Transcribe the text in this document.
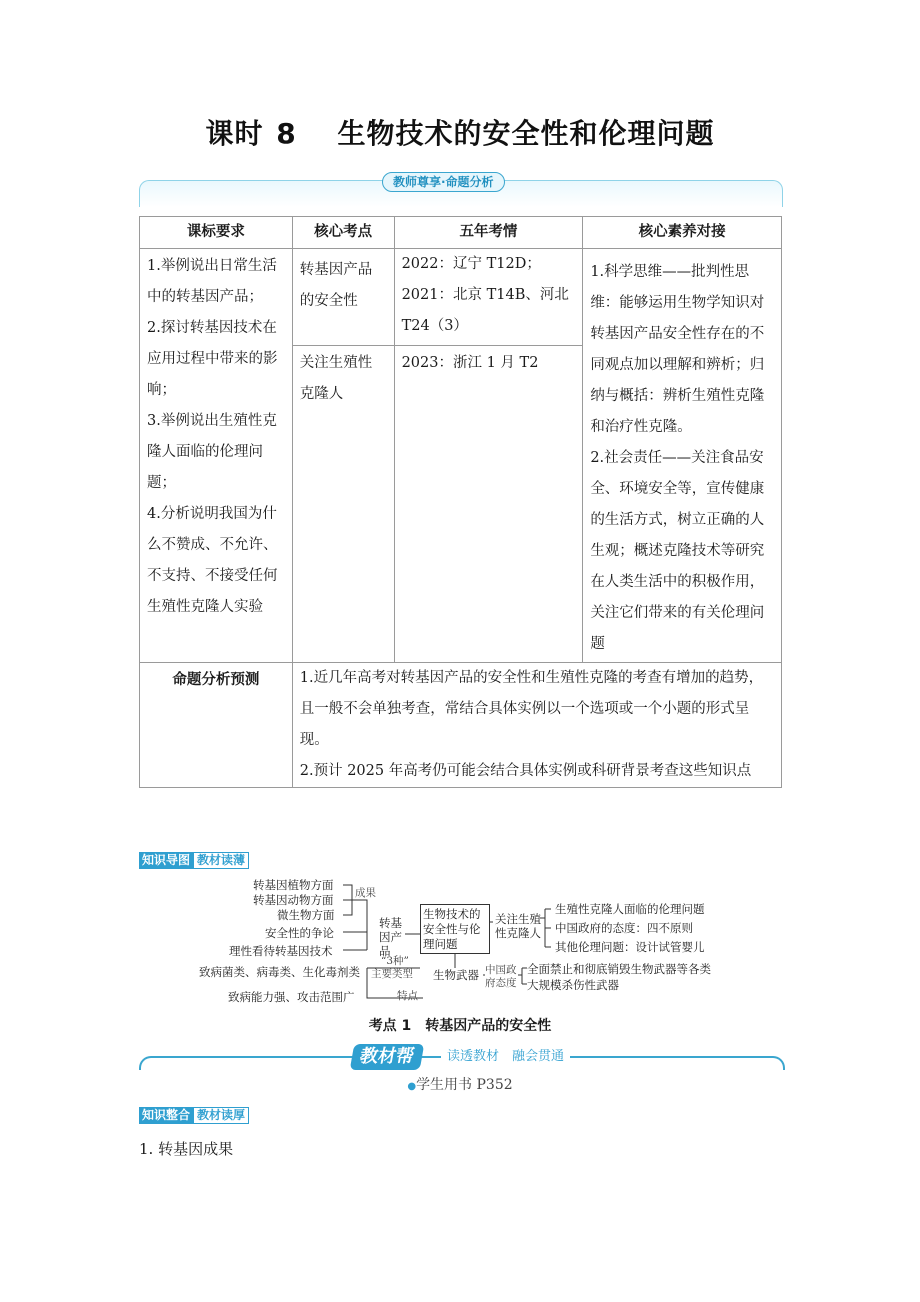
课时 8 生物技术的安全性和伦理问题
教师尊享·命题分析
课标要求	核心考点	五年考情	核心素养对接

1.举例说出日常生活中的转基因产品；
2.探讨转基因技术在应用过程中带来的影响；
3.举例说出生殖性克隆人面临的伦理问题；
4.分析说明我国为什么不赞成、不允许、不支持、不接受任何生殖性克隆人实验	转基因产品的安全性	2022：辽宁 T12D；
2021：北京 T14B、河北 T24（3）	1.科学思维——批判性思维：能够运用生物学知识对转基因产品安全性存在的不同观点加以理解和辨析；归纳与概括：辨析生殖性克隆和治疗性克隆。
2.社会责任——关注食品安全、环境安全等，宣传健康的生活方式，树立正确的人生观；概述克隆技术等研究在人类生活中的积极作用，关注它们带来的有关伦理问题

	关注生殖性克隆人	2023：浙江 1 月 T2	
命题分析预测	1.近几年高考对转基因产品的安全性和生殖性克隆的考查有增加的趋势，且一般不会单独考查，常结合具体实例以一个选项或一个小题的形式呈现。
2.预计 2025 年高考仍可能会结合具体实例或科研背景考查这些知识点		
知识导图 教材读薄
转基因植物方面
转基因动物方面
微生物方面
成果
安全性的争论
理性看待转基因技术
转基因产品
生物技术的安全性与伦理问题
关注生殖性克隆人
生殖性克隆人面临的伦理问题
中国政府的态度：四不原则
其他伦理问题：设计试管婴儿
“3种”
主要类型
致病菌类、病毒类、生化毒剂类
特点
致病能力强、攻击范围广
生物武器 中国政府态度
全面禁止和彻底销毁生物武器等各类
大规模杀伤性武器
考点 1　转基因产品的安全性
教材帮	读透教材　融会贯通
●学生用书 P352
知识整合 教材读厚
1. 转基因成果
